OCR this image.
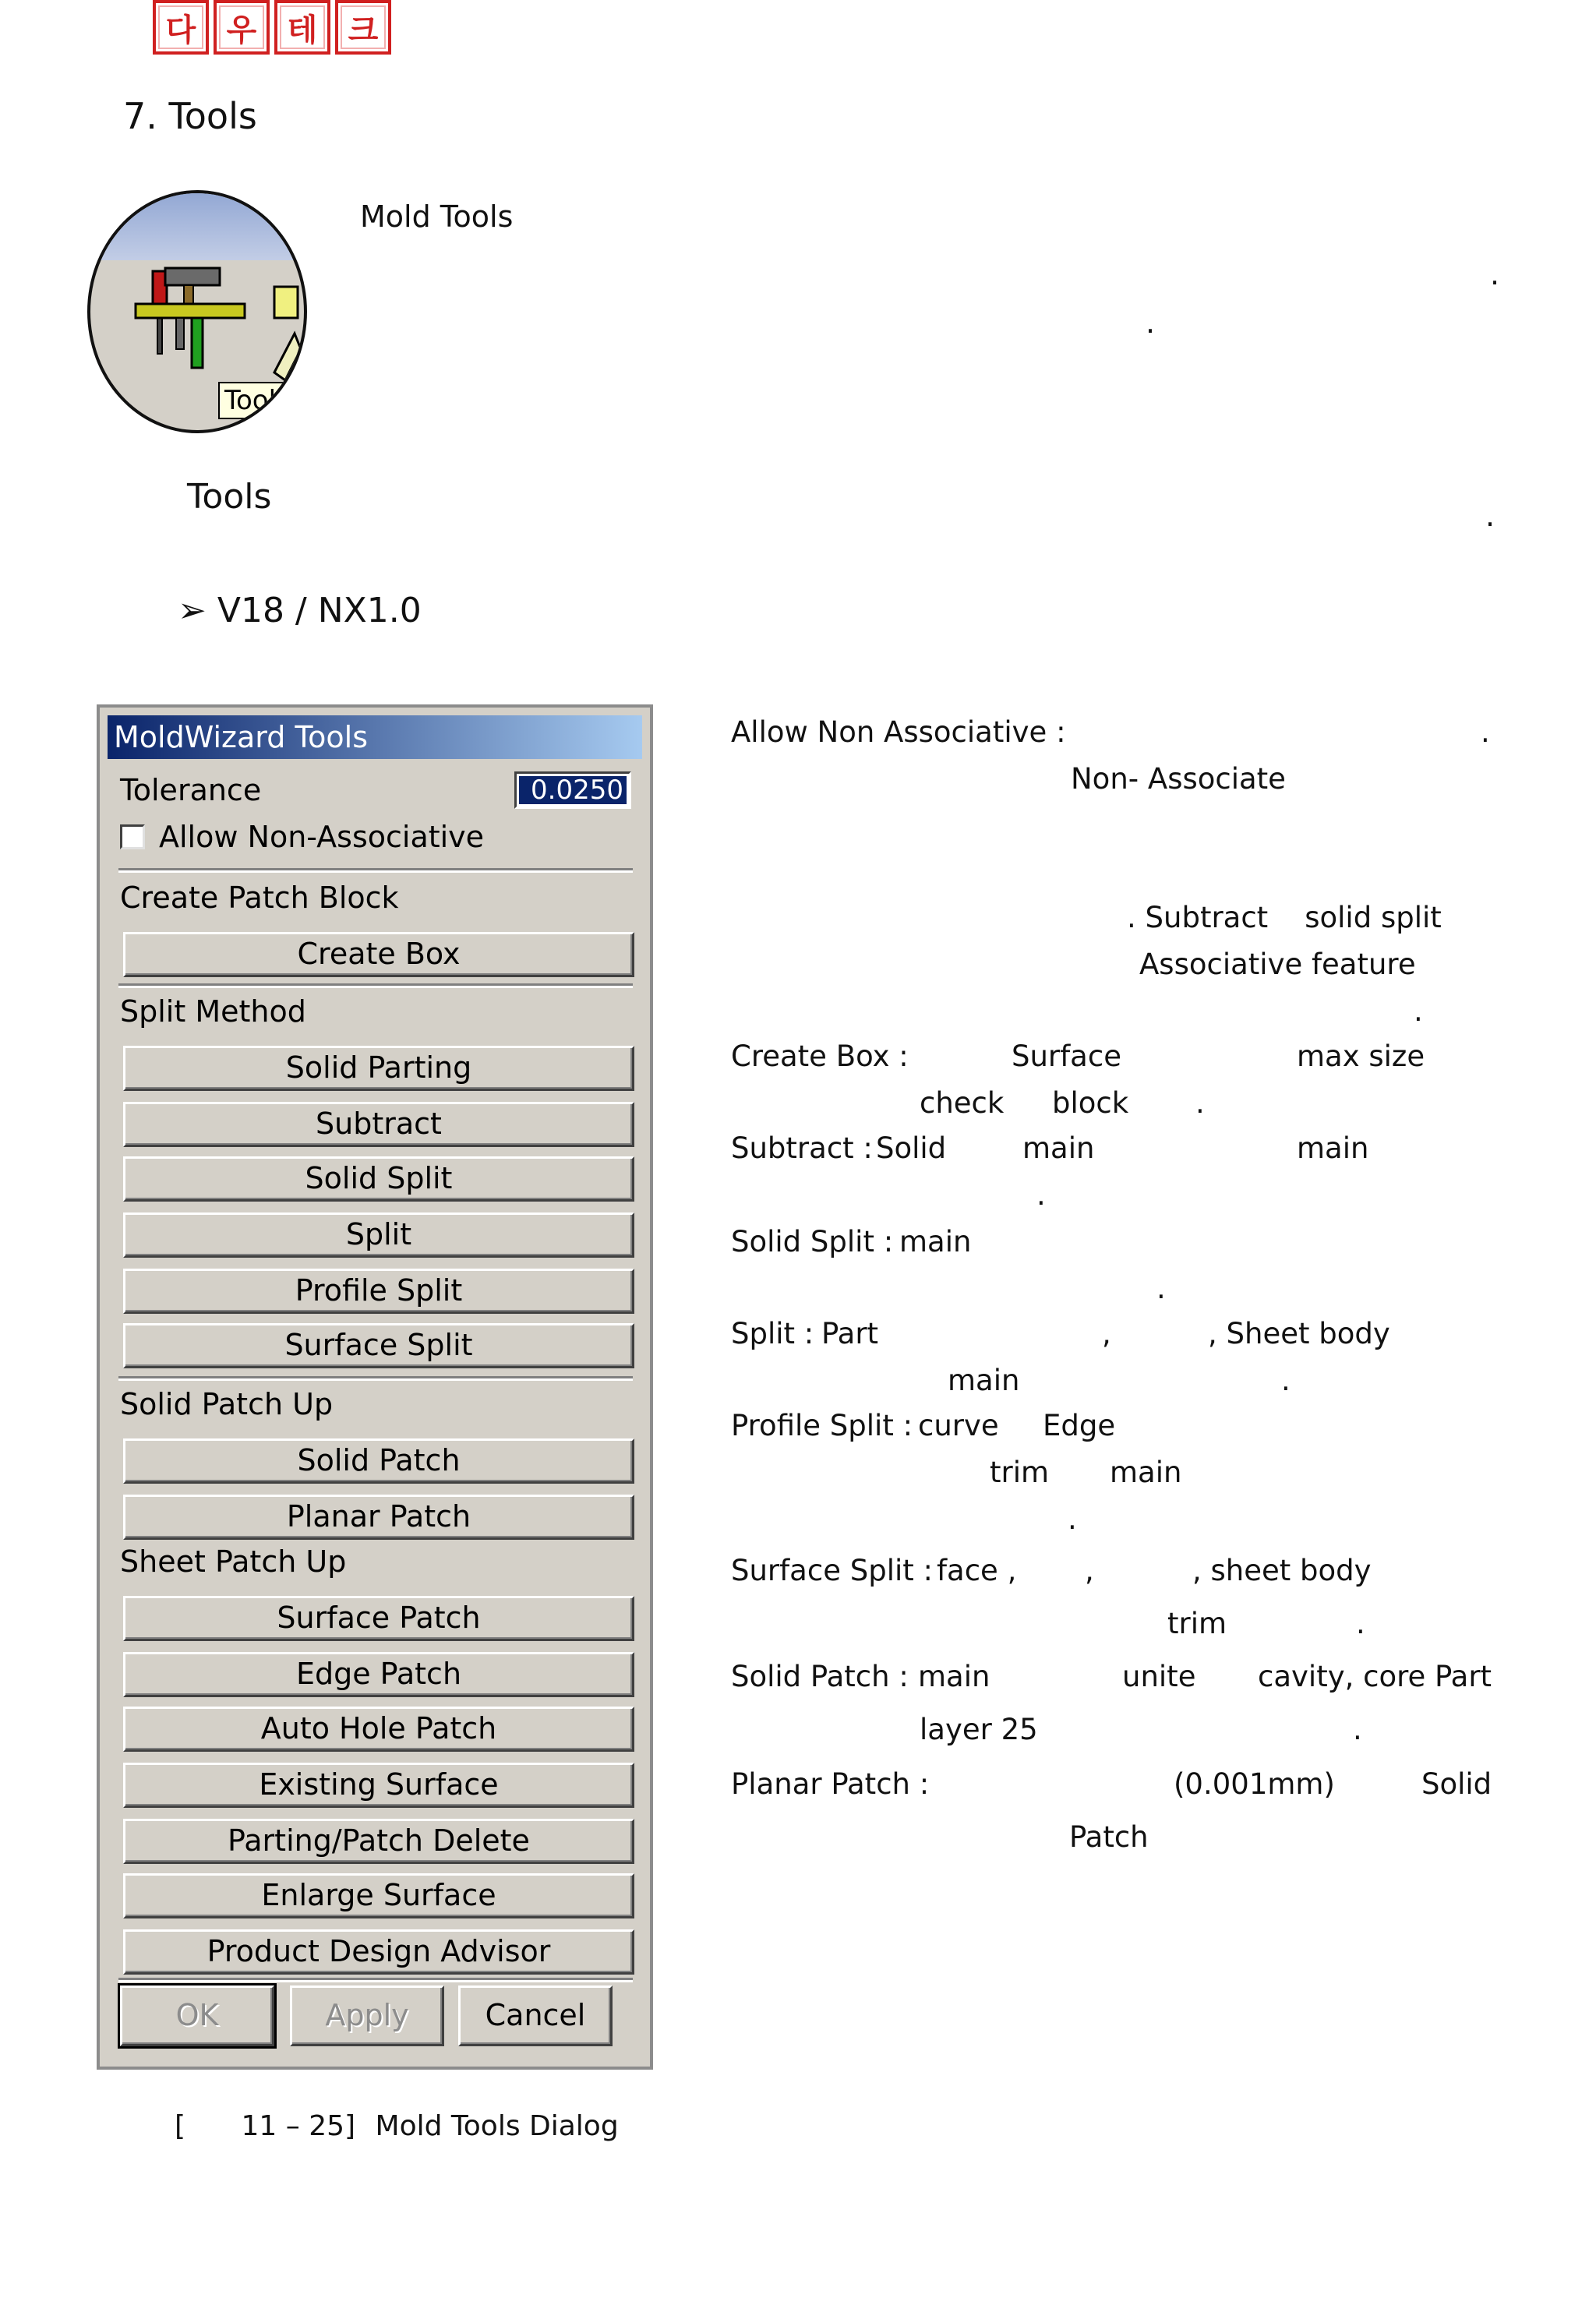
다 우 테 크
7. Tools
Tools
Mold Tools
.
.
Tools	.
➢ V18 / NX1.0
MoldWizard Tools
Tolerance	0.0250
Allow Non-Associative
Create Patch Block
Create Box
Split Method
Solid Parting
Subtract
Solid Split
Split
Profile Split
Surface Split
Solid Patch Up
Solid Patch
Planar Patch
Sheet Patch Up
Surface Patch
Edge Patch
Auto Hole Patch
Existing Surface
Parting/Patch Delete
Enlarge Surface
Product Design Advisor
OK	Apply	Cancel
[ 11 – 25] Mold Tools Dialog
Allow Non Associative :	.
Non- Associate
. Subtract    solid split
Associative feature
.
Create Box :	Surface	max size
check block .
Subtract : Solid	main	main
.
Solid Split : main
.
Split : Part	,	, Sheet body
main	.
Profile Split : curve Edge
trim main
.
Surface Split : face , ,	, sheet body
trim	.
Solid Patch : main	unite cavity, core Part
layer 25	.
Planar Patch :	(0.001mm)	Solid
Patch
